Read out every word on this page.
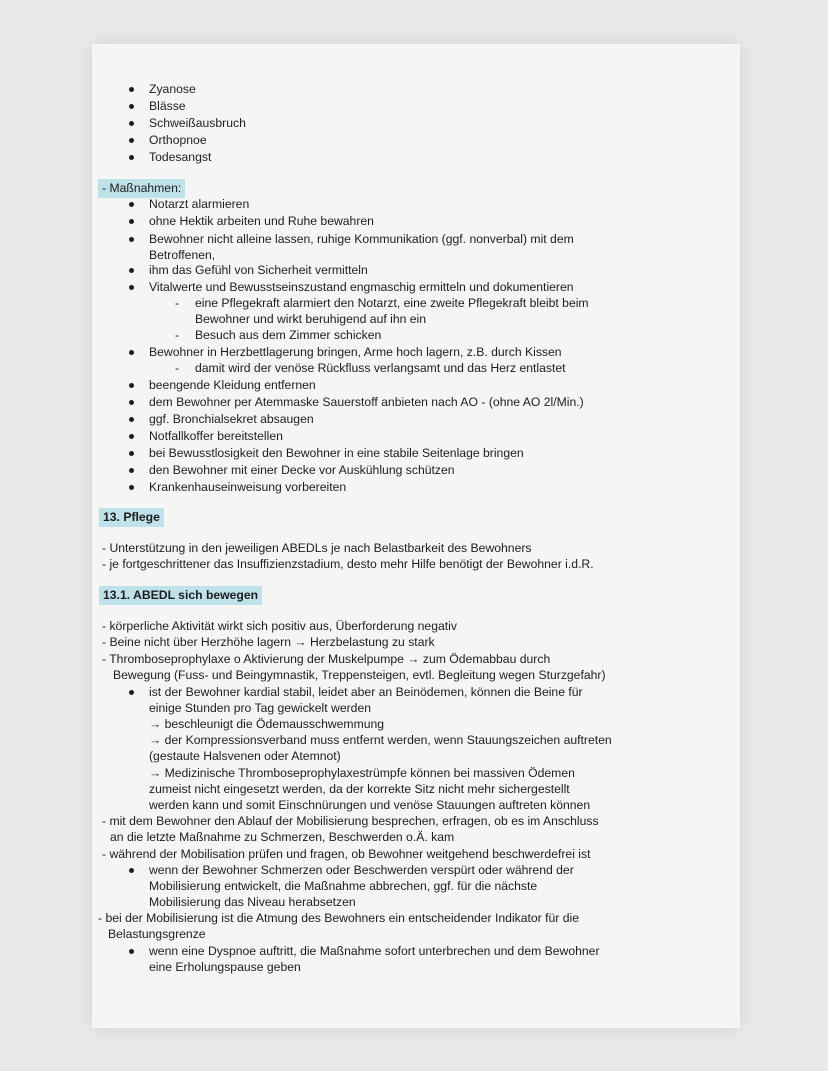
Zyanose
Blässe
Schweißausbruch
Orthopnoe
Todesangst
- Maßnahmen:
Notarzt alarmieren
ohne Hektik arbeiten und Ruhe bewahren
Bewohner nicht alleine lassen, ruhige Kommunikation (ggf. nonverbal) mit dem
Betroffenen,
ihm das Gefühl von Sicherheit vermitteln
Vitalwerte und Bewusstseinszustand engmaschig ermitteln und dokumentieren
- eine Pflegekraft alarmiert den Notarzt, eine zweite Pflegekraft bleibt beim
Bewohner und wirkt beruhigend auf ihn ein
- Besuch aus dem Zimmer schicken
Bewohner in Herzbettlagerung bringen, Arme hoch lagern, z.B. durch Kissen
- damit wird der venöse Rückfluss verlangsamt und das Herz entlastet
beengende Kleidung entfernen
dem Bewohner per Atemmaske Sauerstoff anbieten nach AO - (ohne AO 2l/Min.)
ggf. Bronchialsekret absaugen
Notfallkoffer bereitstellen
bei Bewusstlosigkeit den Bewohner in eine stabile Seitenlage bringen
den Bewohner mit einer Decke vor Auskühlung schützen
Krankenhauseinweisung vorbereiten
13. Pflege
- Unterstützung in den jeweiligen ABEDLs je nach Belastbarkeit des Bewohners
- je fortgeschrittener das Insuffizienzstadium, desto mehr Hilfe benötigt der Bewohner i.d.R.
13.1. ABEDL sich bewegen
- körperliche Aktivität wirkt sich positiv aus, Überforderung negativ
- Beine nicht über Herzhöhe lagern → Herzbelastung zu stark
- Thromboseprophylaxe o Aktivierung der Muskelpumpe → zum Ödemabbau durch
Bewegung (Fuss- und Beingymnastik, Treppensteigen, evtl. Begleitung wegen Sturzgefahr)
ist der Bewohner kardial stabil, leidet aber an Beinödemen, können die Beine für
einige Stunden pro Tag gewickelt werden
→ beschleunigt die Ödemausschwemmung
→ der Kompressionsverband muss entfernt werden, wenn Stauungszeichen auftreten
(gestaute Halsvenen oder Atemnot)
→ Medizinische Thromboseprophylaxestrümpfe können bei massiven Ödemen
zumeist nicht eingesetzt werden, da der korrekte Sitz nicht mehr sichergestellt
werden kann und somit Einschnürungen und venöse Stauungen auftreten können
- mit dem Bewohner den Ablauf der Mobilisierung besprechen, erfragen, ob es im Anschluss
an die letzte Maßnahme zu Schmerzen, Beschwerden o.Ä. kam
- während der Mobilisation prüfen und fragen, ob Bewohner weitgehend beschwerdefrei ist
wenn der Bewohner Schmerzen oder Beschwerden verspürt oder während der
Mobilisierung entwickelt, die Maßnahme abbrechen, ggf. für die nächste
Mobilisierung das Niveau herabsetzen
- bei der Mobilisierung ist die Atmung des Bewohners ein entscheidender Indikator für die
Belastungsgrenze
wenn eine Dyspnoe auftritt, die Maßnahme sofort unterbrechen und dem Bewohner
eine Erholungspause geben
